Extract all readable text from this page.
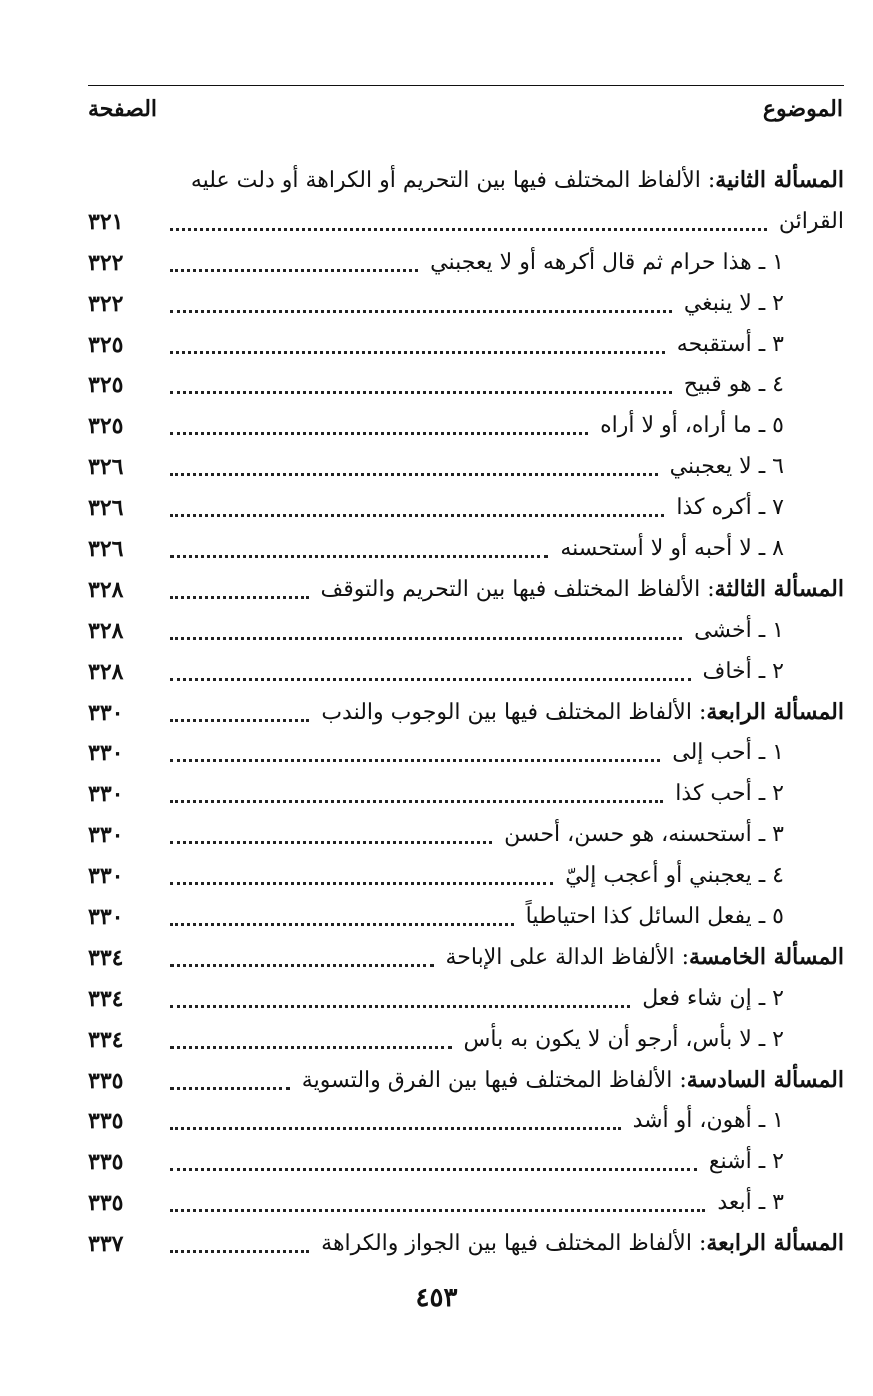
الموضوع
الصفحة
المسألة الثانية: الألفاظ المختلف فيها بين التحريم أو الكراهة أو دلت عليه
القرائن
٣٢١
١ ـ هذا حرام ثم قال أكرهه أو لا يعجبني
٣٢٢
٢ ـ لا ينبغي
٣٢٢
٣ ـ أستقبحه
٣٢٥
٤ ـ هو قبيح
٣٢٥
٥ ـ ما أراه، أو لا أراه
٣٢٥
٦ ـ لا يعجبني
٣٢٦
٧ ـ أكره كذا
٣٢٦
٨ ـ لا أحبه أو لا أستحسنه
٣٢٦
المسألة الثالثة: الألفاظ المختلف فيها بين التحريم والتوقف
٣٢٨
١ ـ أخشى
٣٢٨
٢ ـ أخاف
٣٢٨
المسألة الرابعة: الألفاظ المختلف فيها بين الوجوب والندب
٣٣٠
١ ـ أحب إلى
٣٣٠
٢ ـ أحب كذا
٣٣٠
٣ ـ أستحسنه، هو حسن، أحسن
٣٣٠
٤ ـ يعجبني أو أعجب إليّ
٣٣٠
٥ ـ يفعل السائل كذا احتياطياً
٣٣٠
المسألة الخامسة: الألفاظ الدالة على الإباحة
٣٣٤
٢ ـ إن شاء فعل
٣٣٤
٢ ـ لا بأس، أرجو أن لا يكون به بأس
٣٣٤
المسألة السادسة: الألفاظ المختلف فيها بين الفرق والتسوية
٣٣٥
١ ـ أهون، أو أشد
٣٣٥
٢ ـ أشنع
٣٣٥
٣ ـ أبعد
٣٣٥
المسألة الرابعة: الألفاظ المختلف فيها بين الجواز والكراهة
٣٣٧
٤٥٣
